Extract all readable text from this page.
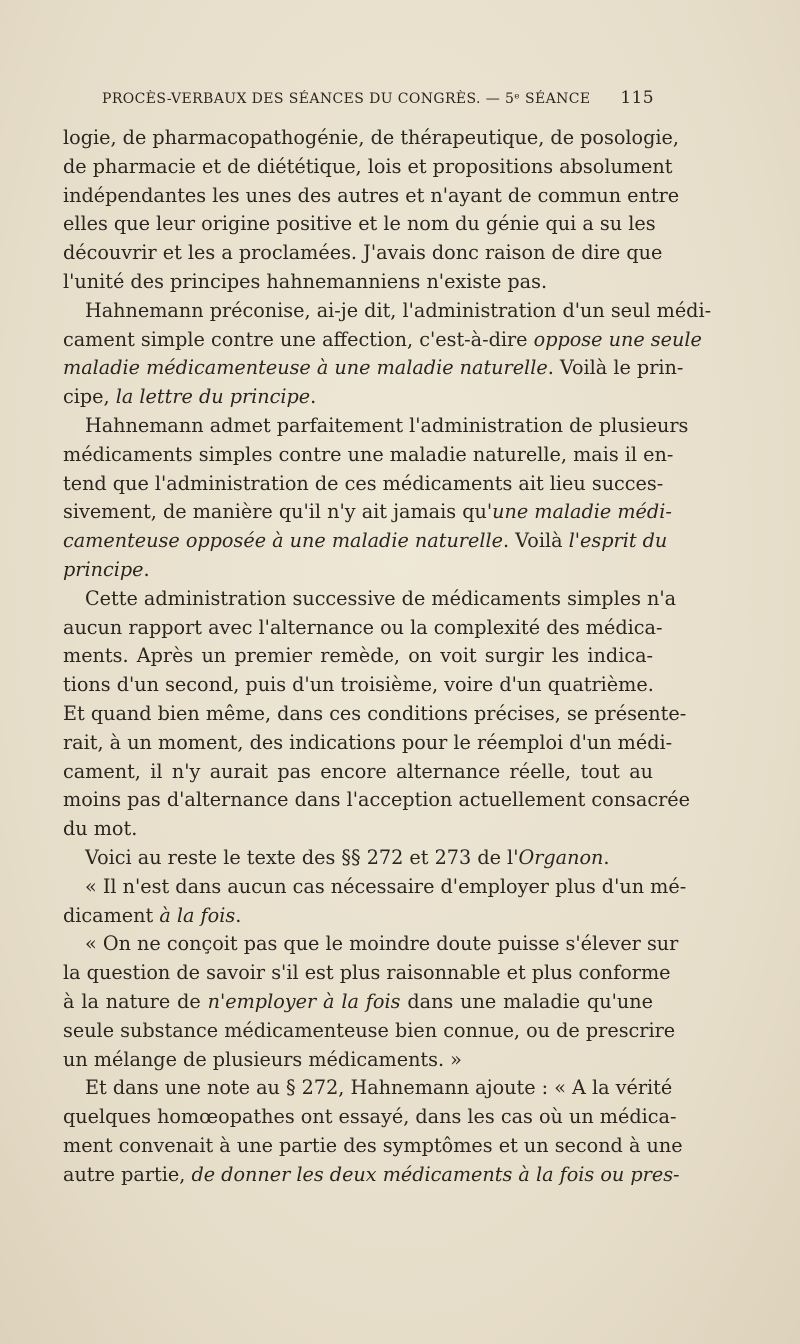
PROCÈS-VERBAUX DES SÉANCES DU CONGRÈS. — 5ᵉ SÉANCE 115
logie, de pharmacopathogénie, de thérapeutique, de posologie,
de pharmacie et de diététique, lois et propositions absolument
indépendantes les unes des autres et n'ayant de commun entre
elles que leur origine positive et le nom du génie qui a su les
découvrir et les a proclamées. J'avais donc raison de dire que
l'unité des principes hahnemanniens n'existe pas.
Hahnemann préconise, ai-je dit, l'administration d'un seul médi-
cament simple contre une affection, c'est-à-dire oppose une seule
maladie médicamenteuse à une maladie naturelle. Voilà le prin-
cipe, la lettre du principe.
Hahnemann admet parfaitement l'administration de plusieurs
médicaments simples contre une maladie naturelle, mais il en-
tend que l'administration de ces médicaments ait lieu succes-
sivement, de manière qu'il n'y ait jamais qu'une maladie médi-
camenteuse opposée à une maladie naturelle. Voilà l'esprit du
principe.
Cette administration successive de médicaments simples n'a
aucun rapport avec l'alternance ou la complexité des médica-
ments. Après un premier remède, on voit surgir les indica-
tions d'un second, puis d'un troisième, voire d'un quatrième.
Et quand bien même, dans ces conditions précises, se présente-
rait, à un moment, des indications pour le réemploi d'un médi-
cament, il n'y aurait pas encore alternance réelle, tout au
moins pas d'alternance dans l'acception actuellement consacrée
du mot.
Voici au reste le texte des §§ 272 et 273 de l'Organon.
« Il n'est dans aucun cas nécessaire d'employer plus d'un mé-
dicament à la fois.
« On ne conçoit pas que le moindre doute puisse s'élever sur
la question de savoir s'il est plus raisonnable et plus conforme
à la nature de n'employer à la fois dans une maladie qu'une
seule substance médicamenteuse bien connue, ou de prescrire
un mélange de plusieurs médicaments. »
Et dans une note au § 272, Hahnemann ajoute : « A la vérité
quelques homœopathes ont essayé, dans les cas où un médica-
ment convenait à une partie des symptômes et un second à une
autre partie, de donner les deux médicaments à la fois ou pres-
